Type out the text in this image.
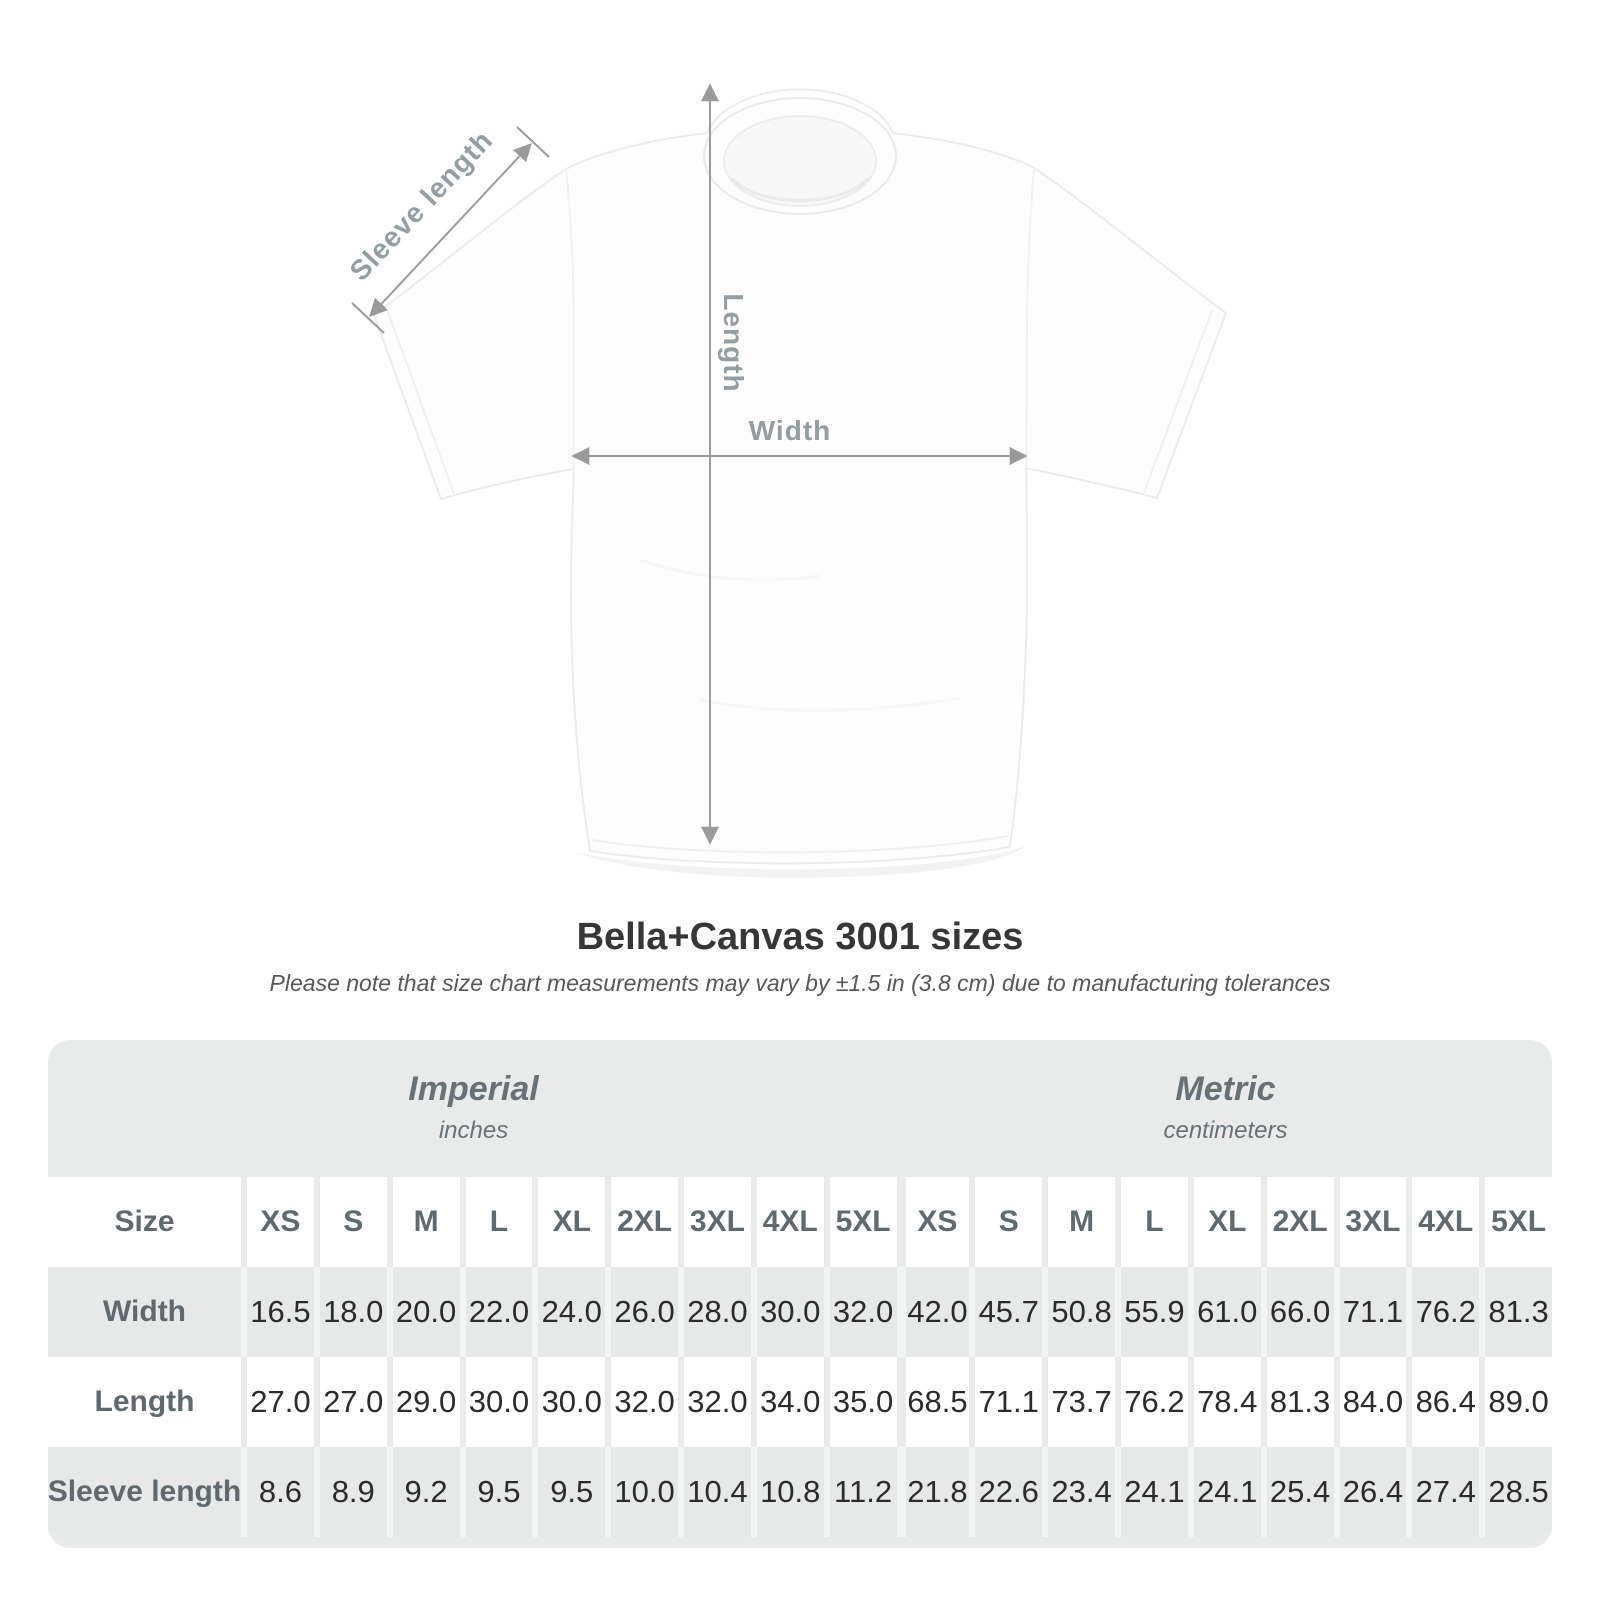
Length
Width
Sleeve length
Bella+Canvas 3001 sizes
Please note that size chart measurements may vary by ±1.5 in (3.8 cm) due to manufacturing tolerances
Imperial
inches
Metric
centimeters
Size	XS	S	M	L	XL 2XL 3XL 4XL 5XL XS	S	M	L	XL 2XL 3XL 4XL 5XL
Width	16.5 18.0 20.0 22.0 24.0 26.0 28.0 30.0 32.0 42.0 45.7 50.8 55.9 61.0 66.0 71.1 76.2 81.3
Length	27.0 27.0 29.0 30.0 30.0 32.0 32.0 34.0 35.0 68.5 71.1 73.7 76.2 78.4 81.3 84.0 86.4 89.0
Sleeve length 8.6 8.9 9.2 9.5 9.5 10.0 10.4 10.8 11.2 21.8 22.6 23.4 24.1 24.1 25.4 26.4 27.4 28.5
